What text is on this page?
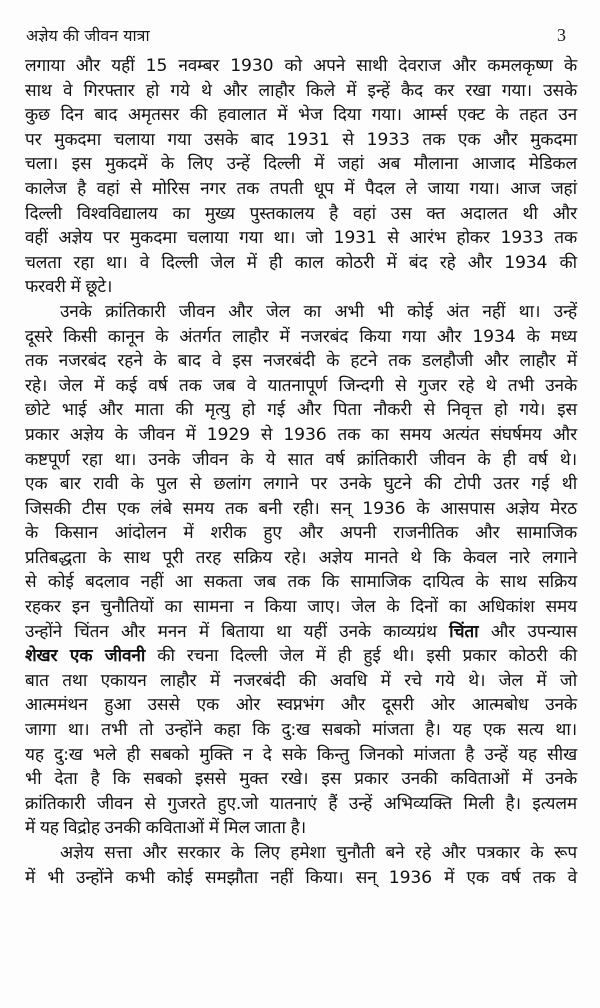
अज्ञेय की जीवन यात्रा	3
लगाया और यहीं 15 नवम्बर 1930 को अपने साथी देवराज और कमलकृष्ण के
साथ वे गिरफ्तार हो गये थे और लाहौर किले में इन्हें कैद कर रखा गया। उसके
कुछ दिन बाद अमृतसर की हवालात में भेज दिया गया। आर्म्स एक्ट के तहत उन
पर मुकदमा चलाया गया उसके बाद 1931 से 1933 तक एक और मुकदमा
चला। इस मुकदमें के लिए उन्हें दिल्ली में जहां अब मौलाना आजाद मेडिकल
कालेज है वहां से मोरिस नगर तक तपती धूप में पैदल ले जाया गया। आज जहां
दिल्ली विश्वविद्यालय का मुख्य पुस्तकालय है वहां उस क्त अदालत थी और
वहीं अज्ञेय पर मुकदमा चलाया गया था। जो 1931 से आरंभ होकर 1933 तक
चलता रहा था। वे दिल्ली जेल में ही काल कोठरी में बंद रहे और 1934 की
फरवरी में छूटे।
उनके क्रांतिकारी जीवन और जेल का अभी भी कोई अंत नहीं था। उन्हें
दूसरे किसी कानून के अंतर्गत लाहौर में नजरबंद किया गया और 1934 के मध्य
तक नजरबंद रहने के बाद वे इस नजरबंदी के हटने तक डलहौजी और लाहौर में
रहे। जेल में कई वर्ष तक जब वे यातनापूर्ण जिन्दगी से गुजर रहे थे तभी उनके
छोटे भाई और माता की मृत्यु हो गई और पिता नौकरी से निवृत्त हो गये। इस
प्रकार अज्ञेय के जीवन में 1929 से 1936 तक का समय अत्यंत संघर्षमय और
कष्टपूर्ण रहा था। उनके जीवन के ये सात वर्ष क्रांतिकारी जीवन के ही वर्ष थे।
एक बार रावी के पुल से छलांग लगाने पर उनके घुटने की टोपी उतर गई थी
जिसकी टीस एक लंबे समय तक बनी रही। सन् 1936 के आसपास अज्ञेय मेरठ
के किसान आंदोलन में शरीक हुए और अपनी राजनीतिक और सामाजिक
प्रतिबद्धता के साथ पूरी तरह सक्रिय रहे। अज्ञेय मानते थे कि केवल नारे लगाने
से कोई बदलाव नहीं आ सकता जब तक कि सामाजिक दायित्व के साथ सक्रिय
रहकर इन चुनौतियों का सामना न किया जाए। जेल के दिनों का अधिकांश समय
उन्होंने चिंतन और मनन में बिताया था यहीं उनके काव्यग्रंथ चिंता और उपन्यास
शेखर एक जीवनी की रचना दिल्ली जेल में ही हुई थी। इसी प्रकार कोठरी की
बात तथा एकायन लाहौर में नजरबंदी की अवधि में रचे गये थे। जेल में जो
आत्ममंथन हुआ उससे एक ओर स्वप्नभंग और दूसरी ओर आत्मबोध उनके
जागा था। तभी तो उन्होंने कहा कि दु:ख सबको मांजता है। यह एक सत्य था।
यह दु:ख भले ही सबको मुक्ति न दे सके किन्तु जिनको मांजता है उन्हें यह सीख
भी देता है कि सबको इससे मुक्त रखे। इस प्रकार उनकी कविताओं में उनके
क्रांतिकारी जीवन से गुजरते हुए.जो यातनाएं हैं उन्हें अभिव्यक्ति मिली है। इत्यलम
में यह विद्रोह उनकी कविताओं में मिल जाता है।
अज्ञेय सत्ता और सरकार के लिए हमेशा चुनौती बने रहे और पत्रकार के रूप
में भी उन्होंने कभी कोई समझौता नहीं किया। सन् 1936 में एक वर्ष तक वे
